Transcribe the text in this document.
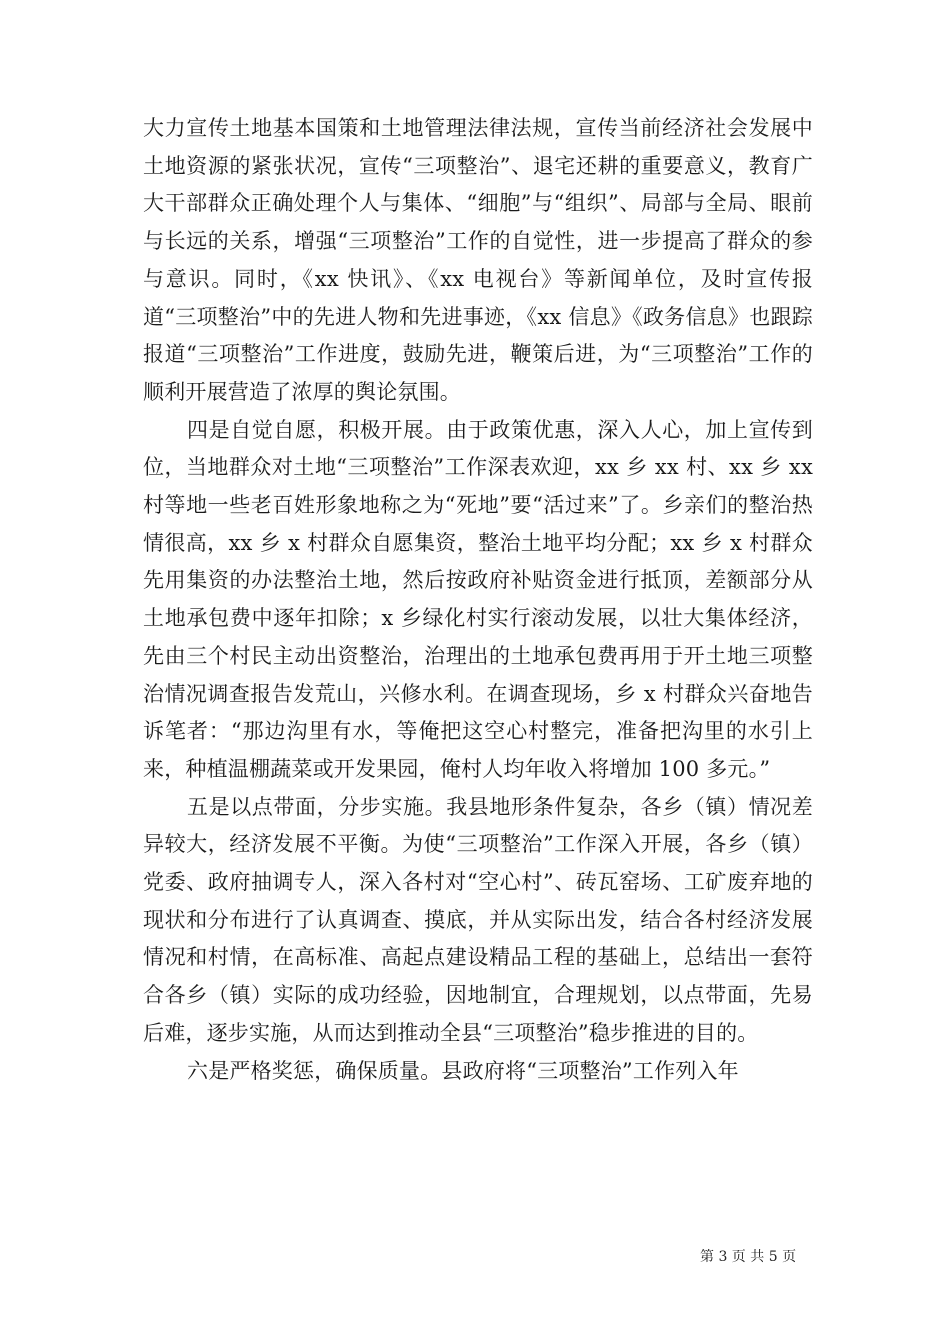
大力宣传土地基本国策和土地管理法律法规，宣传当前经济社会发展中土地资源的紧张状况，宣传“三项整治”、退宅还耕的重要意义，教育广大干部群众正确处理个人与集体、“细胞”与“组织”、局部与全局、眼前与长远的关系，增强“三项整治”工作的自觉性，进一步提高了群众的参与意识。同时，《xx 快讯》、《xx 电视台》等新闻单位，及时宣传报道“三项整治”中的先进人物和先进事迹，《xx 信息》《政务信息》也跟踪报道“三项整治”工作进度，鼓励先进，鞭策后进，为“三项整治”工作的顺利开展营造了浓厚的舆论氛围。

四是自觉自愿，积极开展。由于政策优惠，深入人心，加上宣传到位，当地群众对土地“三项整治”工作深表欢迎，xx 乡 xx 村、xx 乡 xx 村等地一些老百姓形象地称之为“死地”要“活过来”了。乡亲们的整治热情很高，xx 乡 x 村群众自愿集资，整治土地平均分配；xx 乡 x 村群众先用集资的办法整治土地，然后按政府补贴资金进行抵顶，差额部分从土地承包费中逐年扣除；x 乡绿化村实行滚动发展，以壮大集体经济，先由三个村民主动出资整治，治理出的土地承包费再用于开土地三项整治情况调查报告发荒山，兴修水利。在调查现场，乡 x 村群众兴奋地告诉笔者：“那边沟里有水，等俺把这空心村整完，准备把沟里的水引上来，种植温棚蔬菜或开发果园，俺村人均年收入将增加 100 多元。”

五是以点带面，分步实施。我县地形条件复杂，各乡（镇）情况差异较大，经济发展不平衡。为使“三项整治”工作深入开展，各乡（镇）党委、政府抽调专人，深入各村对“空心村”、砖瓦窑场、工矿废弃地的现状和分布进行了认真调查、摸底，并从实际出发，结合各村经济发展情况和村情，在高标准、高起点建设精品工程的基础上，总结出一套符合各乡（镇）实际的成功经验，因地制宜，合理规划，以点带面，先易后难，逐步实施，从而达到推动全县“三项整治”稳步推进的目的。

六是严格奖惩，确保质量。县政府将“三项整治”工作列入年

第 3 页 共 5 页
